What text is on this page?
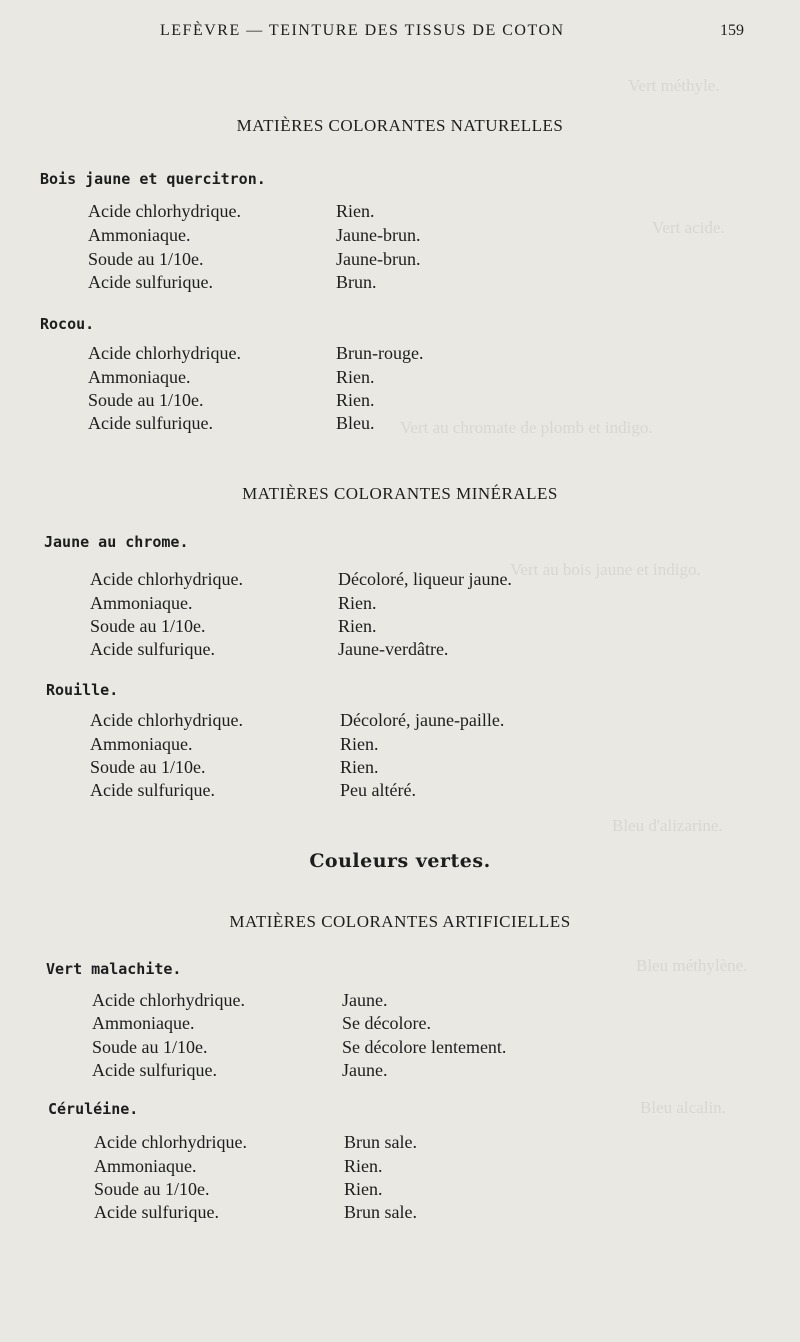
Vert méthyle.
Vert acide.
Vert au chromate de plomb et indigo.
Vert au bois jaune et indigo.
Bleu d'alizarine.
Bleu méthylène.
Bleu alcalin.
LEFÈVRE — TEINTURE DES TISSUS DE COTON	159
MATIÈRES COLORANTES NATURELLES
Bois jaune et quercitron.
Acide chlorhydrique.	Rien.
Ammoniaque.	Jaune-brun.
Soude au 1/10e.	Jaune-brun.
Acide sulfurique.	Brun.
Rocou.
Acide chlorhydrique.	Brun-rouge.
Ammoniaque.	Rien.
Soude au 1/10e.	Rien.
Acide sulfurique.	Bleu.
MATIÈRES COLORANTES MINÉRALES
Jaune au chrome.
Acide chlorhydrique.	Décoloré, liqueur jaune.
Ammoniaque.	Rien.
Soude au 1/10e.	Rien.
Acide sulfurique.	Jaune-verdâtre.
Rouille.
Acide chlorhydrique.	Décoloré, jaune-paille.
Ammoniaque.	Rien.
Soude au 1/10e.	Rien.
Acide sulfurique.	Peu altéré.
Couleurs vertes.
MATIÈRES COLORANTES ARTIFICIELLES
Vert malachite.
Acide chlorhydrique.	Jaune.
Ammoniaque.	Se décolore.
Soude au 1/10e.	Se décolore lentement.
Acide sulfurique.	Jaune.
Céruléine.
Acide chlorhydrique.	Brun sale.
Ammoniaque.	Rien.
Soude au 1/10e.	Rien.
Acide sulfurique.	Brun sale.
